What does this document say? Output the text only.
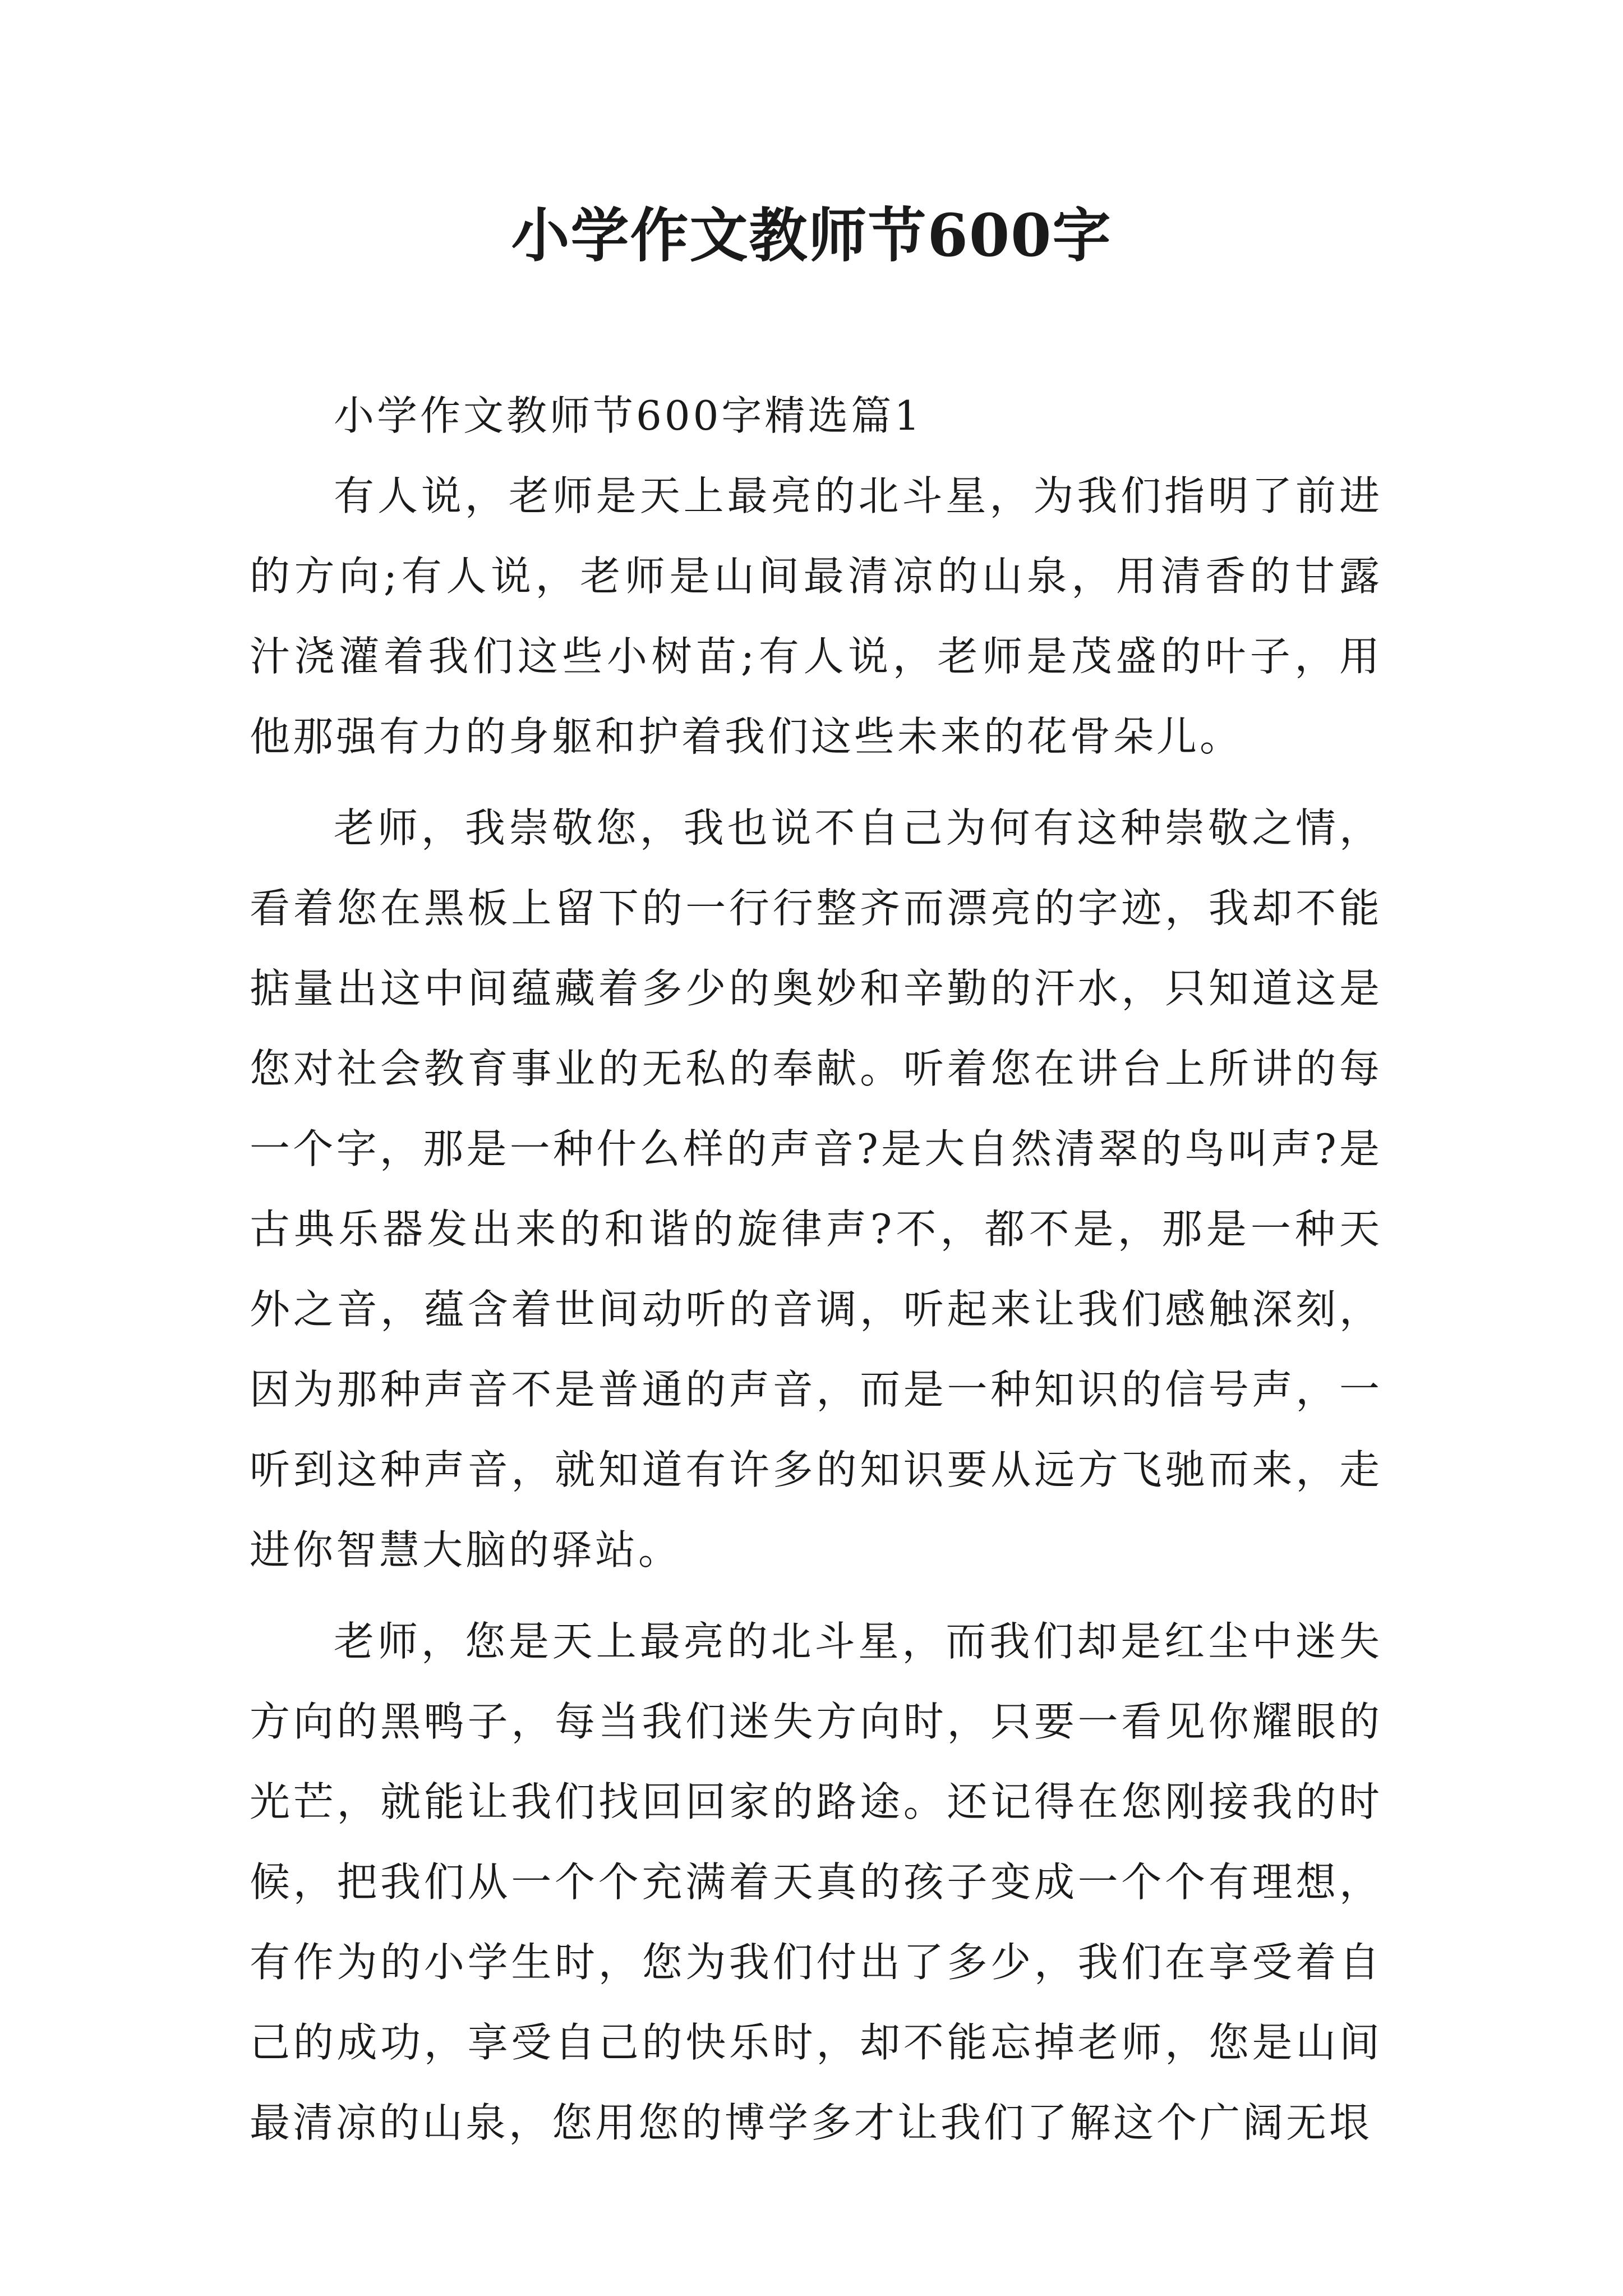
小学作文教师节600字

小学作文教师节600字精选篇1

有人说，老师是天上最亮的北斗星，为我们指明了前进的方向;有人说，老师是山间最清凉的山泉，用清香的甘露汁浇灌着我们这些小树苗;有人说，老师是茂盛的叶子，用他那强有力的身躯和护着我们这些未来的花骨朵儿。

老师，我崇敬您，我也说不自己为何有这种崇敬之情，看着您在黑板上留下的一行行整齐而漂亮的字迹，我却不能掂量出这中间蕴藏着多少的奥妙和辛勤的汗水，只知道这是您对社会教育事业的无私的奉献。听着您在讲台上所讲的每一个字，那是一种什么样的声音?是大自然清翠的鸟叫声?是古典乐器发出来的和谐的旋律声?不，都不是，那是一种天外之音，蕴含着世间动听的音调，听起来让我们感触深刻，因为那种声音不是普通的声音，而是一种知识的信号声，一听到这种声音，就知道有许多的知识要从远方飞驰而来，走进你智慧大脑的驿站。

老师，您是天上最亮的北斗星，而我们却是红尘中迷失方向的黑鸭子，每当我们迷失方向时，只要一看见你耀眼的光芒，就能让我们找回回家的路途。还记得在您刚接我的时候，把我们从一个个充满着天真的孩子变成一个个有理想，有作为的小学生时，您为我们付出了多少，我们在享受着自己的成功，享受自己的快乐时，却不能忘掉老师，您是山间最清凉的山泉，您用您的博学多才让我们了解这个广阔无垠
